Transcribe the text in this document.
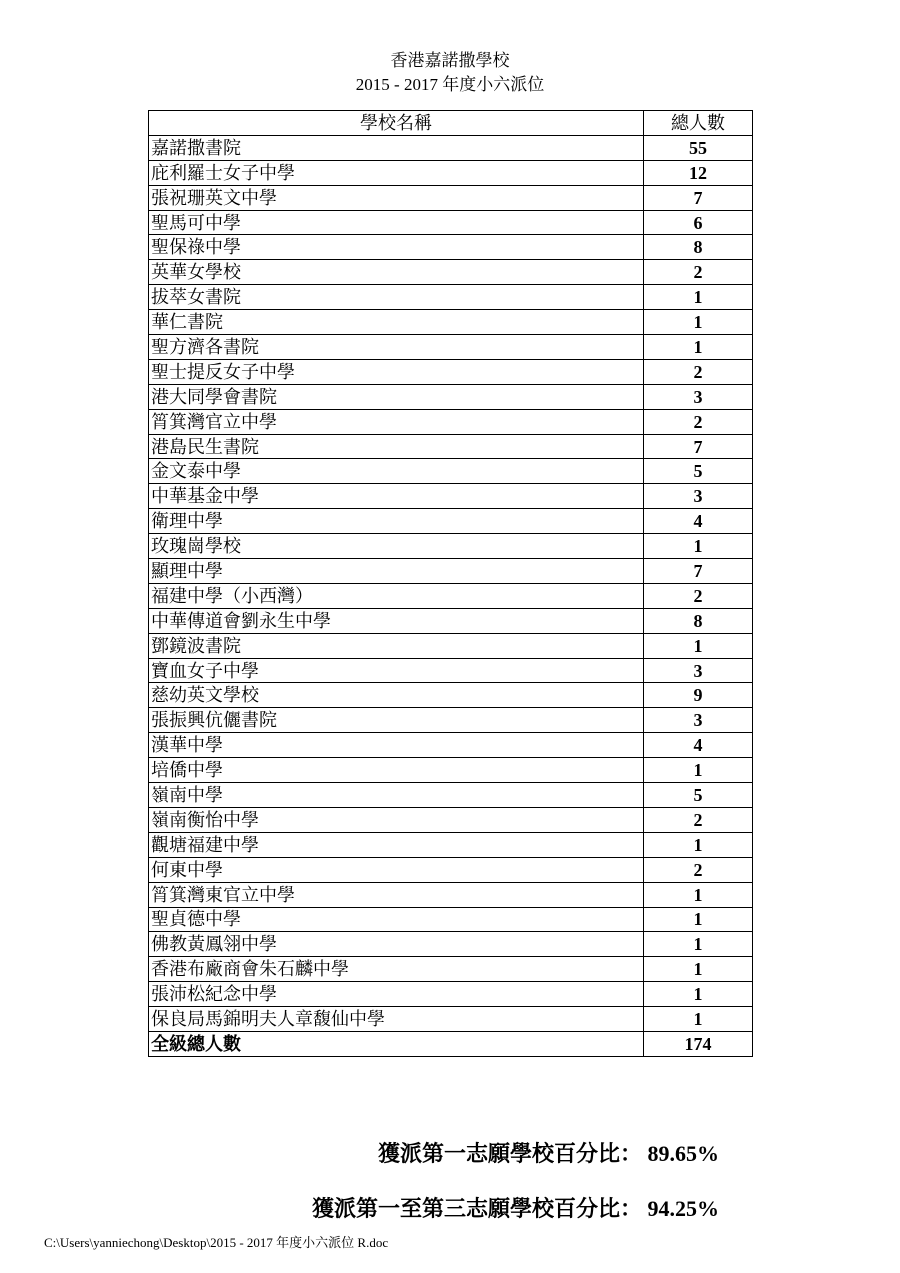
香港嘉諾撒學校
2015 - 2017 年度小六派位
學校名稱	總人數
嘉諾撒書院	55
庇利羅士女子中學	12
張祝珊英文中學	7
聖馬可中學	6
聖保祿中學	8
英華女學校	2
拔萃女書院	1
華仁書院	1
聖方濟各書院	1
聖士提反女子中學	2
港大同學會書院	3
筲箕灣官立中學	2
港島民生書院	7
金文泰中學	5
中華基金中學	3
衛理中學	4
玫瑰崗學校	1
顯理中學	7
福建中學（小西灣）	2
中華傳道會劉永生中學	8
鄧鏡波書院	1
寶血女子中學	3
慈幼英文學校	9
張振興伉儷書院	3
漢華中學	4
培僑中學	1
嶺南中學	5
嶺南衡怡中學	2
觀塘福建中學	1
何東中學	2
筲箕灣東官立中學	1
聖貞德中學	1
佛教黃鳳翎中學	1
香港布廠商會朱石麟中學	1
張沛松紀念中學	1
保良局馬錦明夫人章馥仙中學	1
全級總人數	174
獲派第一志願學校百分比： 89.65%
獲派第一至第三志願學校百分比： 94.25%
C:\Users\yanniechong\Desktop\2015 - 2017 年度小六派位 R.doc
